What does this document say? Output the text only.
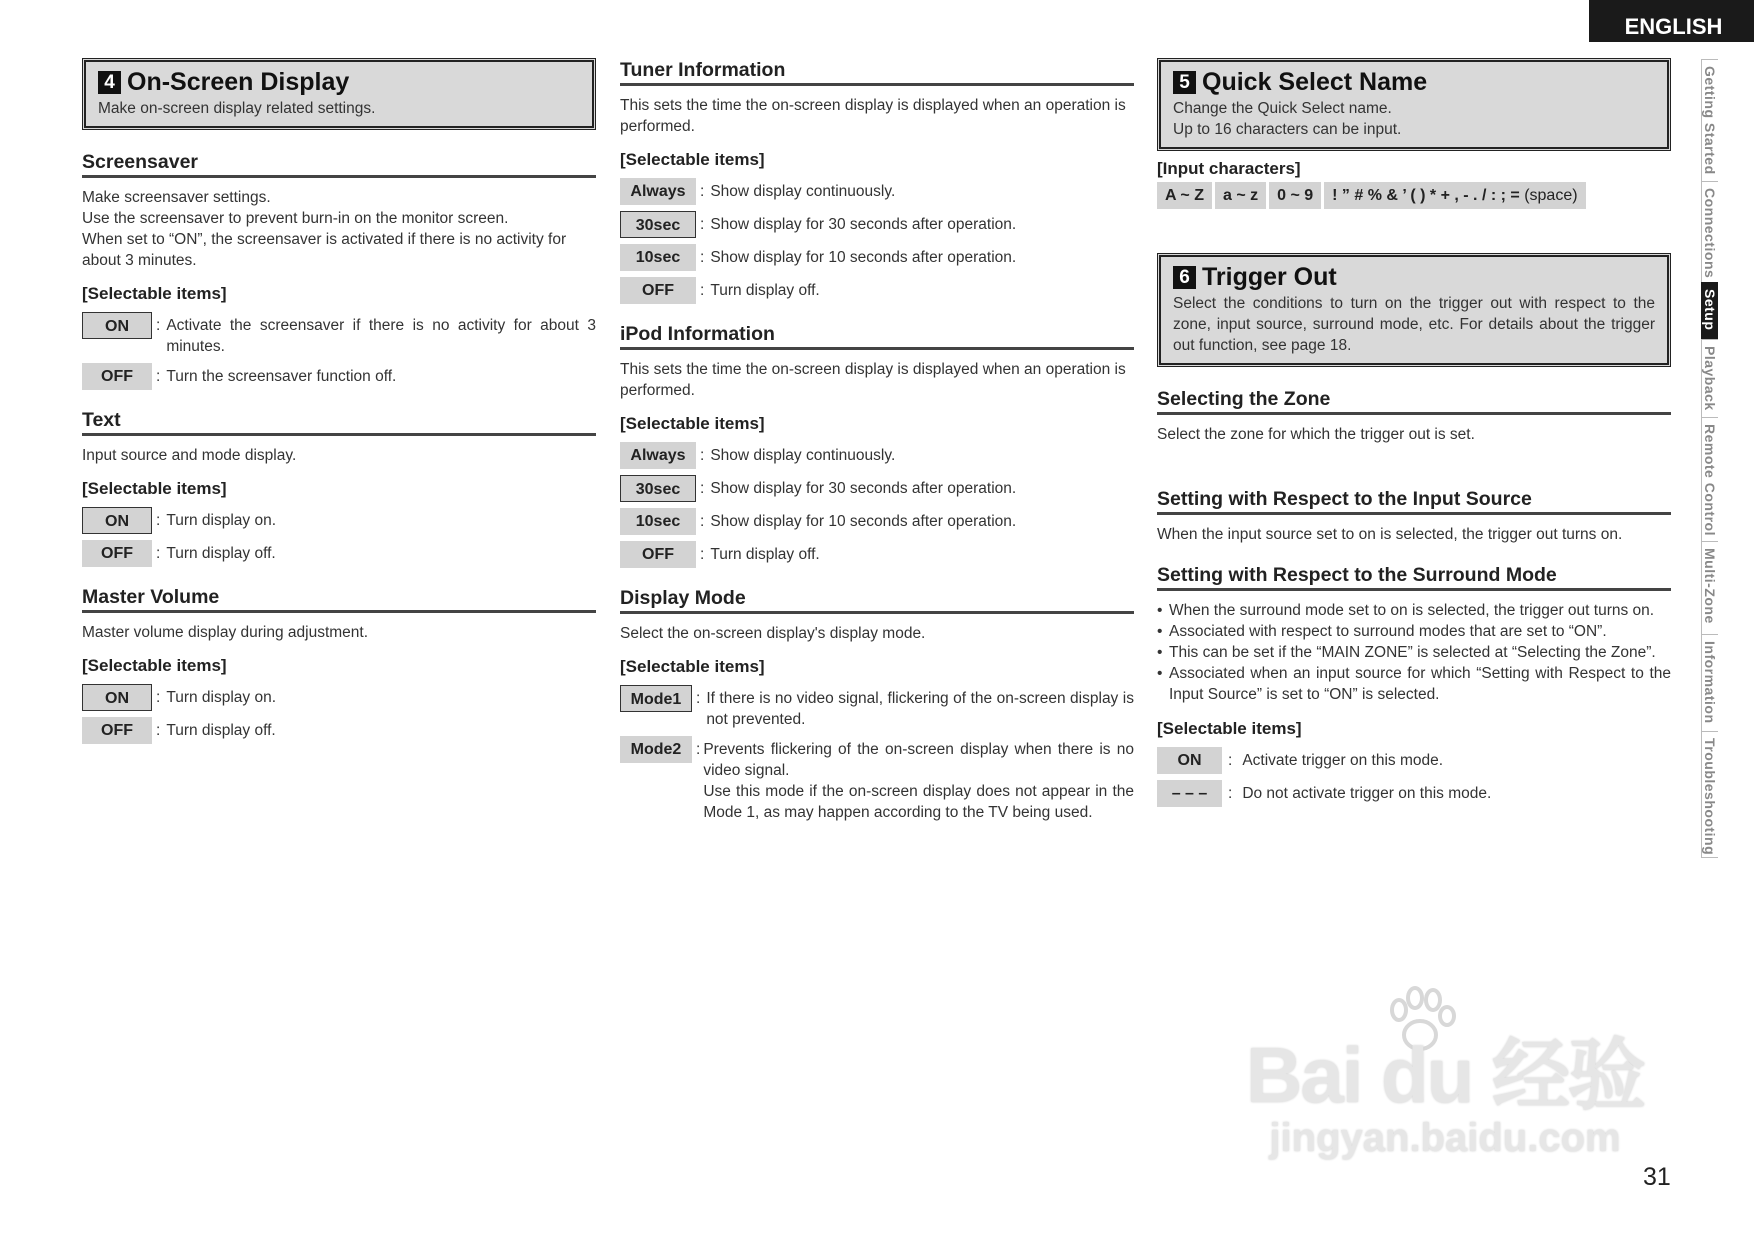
ENGLISH
Getting Started
Connections
Setup
Playback
Remote Control
Multi-Zone
Information
Troubleshooting
4 On-Screen Display
Make on-screen display related settings.
Screensaver
Make screensaver settings.
Use the screensaver to prevent burn-in on the monitor screen.
When set to “ON”, the screensaver is activated if there is no activity for about 3 minutes.
[Selectable items]
ON	: Activate the screensaver if there is no activity for about 3 minutes.
OFF	: Turn the screensaver function off.
Text
Input source and mode display.
[Selectable items]
ON	: Turn display on.
OFF	: Turn display off.
Master Volume
Master volume display during adjustment.
[Selectable items]
ON	: Turn display on.
OFF	: Turn display off.
Tuner Information
This sets the time the on-screen display is displayed when an operation is performed.
[Selectable items]
Always : Show display continuously.
30sec	: Show display for 30 seconds after operation.
10sec	: Show display for 10 seconds after operation.
OFF	: Turn display off.
iPod Information
This sets the time the on-screen display is displayed when an operation is performed.
[Selectable items]
Always : Show display continuously.
30sec	: Show display for 30 seconds after operation.
10sec	: Show display for 10 seconds after operation.
OFF	: Turn display off.
Display Mode
Select the on-screen display's display mode.
[Selectable items]
Mode1 : If there is no video signal, flickering of the on-screen display is not prevented.
Mode2 : Prevents flickering of the on-screen display when there is no video signal.
Use this mode if the on-screen display does not appear in the Mode 1, as may happen according to the TV being used.
5 Quick Select Name
Change the Quick Select name.
Up to 16 characters can be input.
[Input characters]
A ~ Z	a ~ z	0 ~ 9	! ” # % & ’ ( ) * + , - . / : ; = (space)
6 Trigger Out
Select the conditions to turn on the trigger out with respect to the zone, input source, surround mode, etc. For details about the trigger out function, see page 18.
Selecting the Zone
Select the zone for which the trigger out is set.
Setting with Respect to the Input Source
When the input source set to on is selected, the trigger out turns on.
Setting with Respect to the Surround Mode
• When the surround mode set to on is selected, the trigger out turns on.
• Associated with respect to surround modes that are set to “ON”.
• This can be set if the “MAIN ZONE” is selected at “Selecting the Zone”.
• Associated when an input source for which “Setting with Respect to the Input Source” is set to “ON” is selected.
[Selectable items]
ON	: Activate trigger on this mode.
– – –	: Do not activate trigger on this mode.
Bai du 经验
jingyan.baidu.com
31
